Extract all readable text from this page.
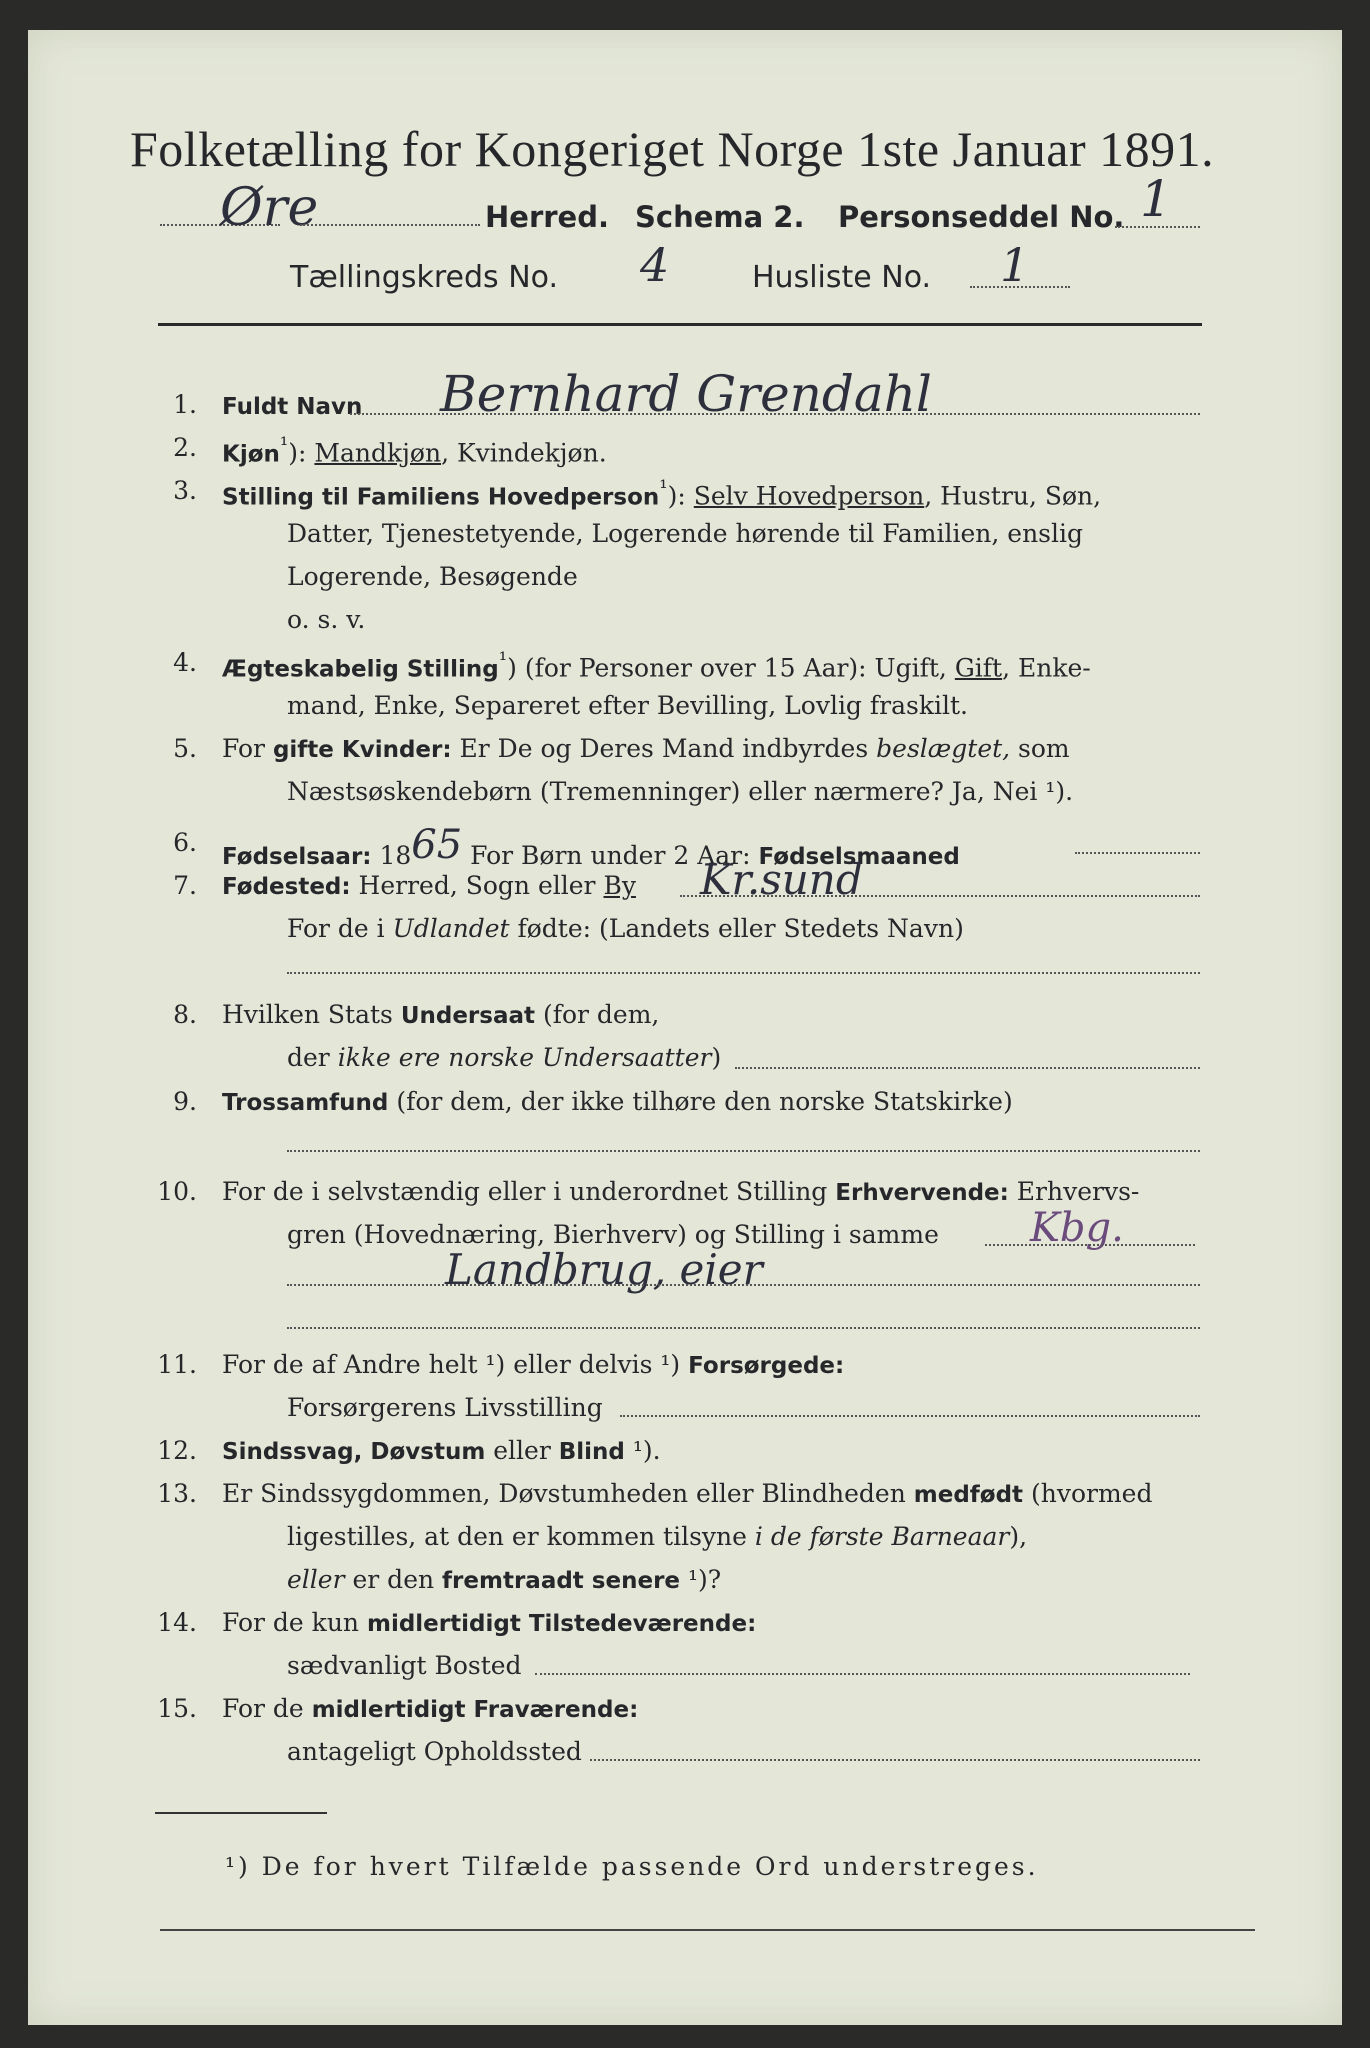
Folketælling for Kongeriget Norge 1ste Januar 1891.
Øre	Herred. Schema 2. Personseddel No. 1
Tællingskreds No. 4	Husliste No. 1
1. Fuldt Navn Bernhard Grendahl
2. Kjøn$^{^1}$): Mandkjøn, Kvindekjøn.
3. Stilling til Familiens Hovedperson$^{^1}$): Selv Hovedperson, Hustru, Søn,
Datter, Tjenestetyende, Logerende hørende til Familien, enslig
Logerende, Besøgende
o. s. v.
4. Ægteskabelig Stilling$^{^1}$) (for Personer over 15 Aar): Ugift, Gift, Enke-
mand, Enke, Separeret efter Bevilling, Lovlig fraskilt.
5. For gifte Kvinder: Er De og Deres Mand indbyrdes beslægtet, som
Næstsøskendebørn (Tremenninger) eller nærmere? Ja, Nei ¹).
6. Fødselsaar: 1865 For Børn under 2 Aar: Fødselsmaaned
7. Fødested: Herred, Sogn eller By Kr.sund
For de i Udlandet fødte: (Landets eller Stedets Navn)
8. Hvilken Stats Undersaat (for dem,
der ikke ere norske Undersaatter)
9. Trossamfund (for dem, der ikke tilhøre den norske Statskirke)
10. For de i selvstændig eller i underordnet Stilling Erhvervende: Erhvervs-
gren (Hovednæring, Bierhverv) og Stilling i samme Kbg.
Landbrug, eier
11. For de af Andre helt ¹) eller delvis ¹) Forsørgede:
Forsørgerens Livsstilling
12. Sindssvag, Døvstum eller Blind ¹).
13. Er Sindssygdommen, Døvstumheden eller Blindheden medfødt (hvormed
ligestilles, at den er kommen tilsyne i de første Barneaar),
eller er den fremtraadt senere ¹)?
14. For de kun midlertidigt Tilstedeværende:
sædvanligt Bosted
15. For de midlertidigt Fraværende:
antageligt Opholdssted
¹) De for hvert Tilfælde passende Ord understreges.
